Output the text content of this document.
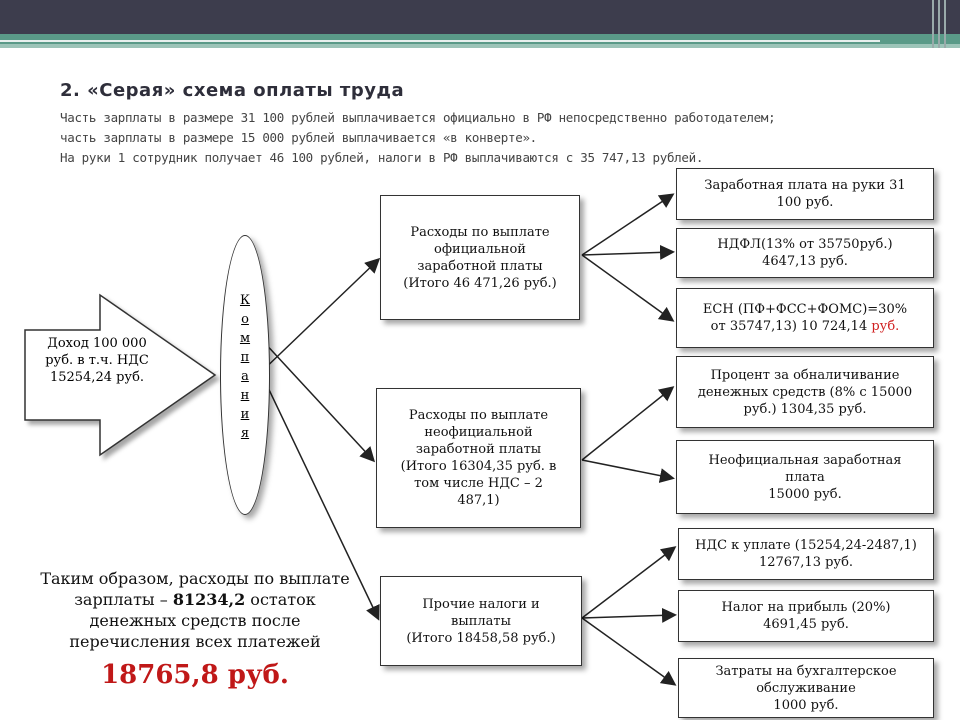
2. «Серая» схема оплаты труда
Часть зарплаты в размере 31 100 рублей выплачивается официально в РФ непосредственно работодателем;
часть зарплаты в размере 15 000 рублей выплачивается «в конверте».
На руки 1 сотрудник получает 46 100 рублей, налоги в РФ выплачиваются с 35 747,13 рублей.
Доход 100 000
руб. в т.ч. НДС
15254,24 руб.
К
о
м
п
а
н
и
я
Расходы по выплате
официальной
заработной платы
(Итого 46 471,26 руб.)
Расходы по выплате
неофициальной
заработной платы
(Итого 16304,35 руб. в
том числе НДС – 2
487,1)
Прочие налоги и
выплаты
(Итого 18458,58 руб.)
Заработная плата на руки 31
100 руб.
НДФЛ(13% от 35750руб.)
4647,13 руб.
ЕСН (ПФ+ФСС+ФОМС)=30%
от 35747,13) 10 724,14 руб.
Процент за обналичивание
денежных средств (8% с 15000
руб.) 1304,35 руб.
Неофициальная заработная
плата
15000 руб.
НДС к уплате (15254,24-2487,1)
12767,13 руб.
Налог на прибыль (20%)
4691,45 руб.
Затраты на бухгалтерское
обслуживание
1000 руб.
Таким образом, расходы по выплате
зарплаты – 81234,2 остаток
денежных средств после
перечисления всех платежей
18765,8 руб.
